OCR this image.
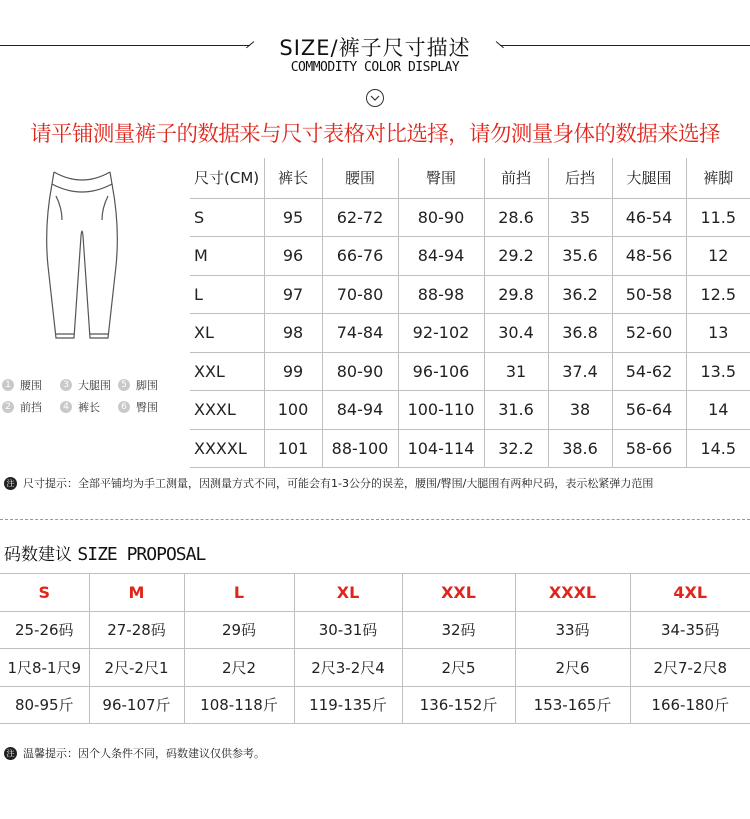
SIZE/裤子尺寸描述
COMMODITY COLOR DISPLAY
请平铺测量裤子的数据来与尺寸表格对比选择，请勿测量身体的数据来选择
1 腰围	3 大腿围	5 脚围
2 前挡	4 裤长	6 臀围
尺寸(CM)	裤长	腰围	臀围	前挡	后挡	大腿围	裤脚
S	95	62-72	80-90	28.6	35	46-54	11.5
M	96	66-76	84-94	29.2	35.6	48-56	12
L	97	70-80	88-98	29.8	36.2	50-58	12.5
XL	98	74-84	92-102	30.4	36.8	52-60	13
XXL	99	80-90	96-106	31	37.4	54-62	13.5
XXXL	100	84-94	100-110	31.6	38	56-64	14
XXXXL	101	88-100	104-114	32.2	38.6	58-66	14.5
注 尺寸提示：全部平铺均为手工测量，因测量方式不同，可能会有1-3公分的误差，腰围/臀围/大腿围有两种尺码，表示松紧弹力范围
码数建议 SIZE PROPOSAL
S	M	L	XL	XXL	XXXL	4XL
25-26码	27-28码	29码	30-31码	32码	33码	34-35码
1尺8-1尺9	2尺-2尺1	2尺2	2尺3-2尺4	2尺5	2尺6	2尺7-2尺8
80-95斤	96-107斤	108-118斤	119-135斤	136-152斤	153-165斤	166-180斤
注 温馨提示：因个人条件不同，码数建议仅供参考。
